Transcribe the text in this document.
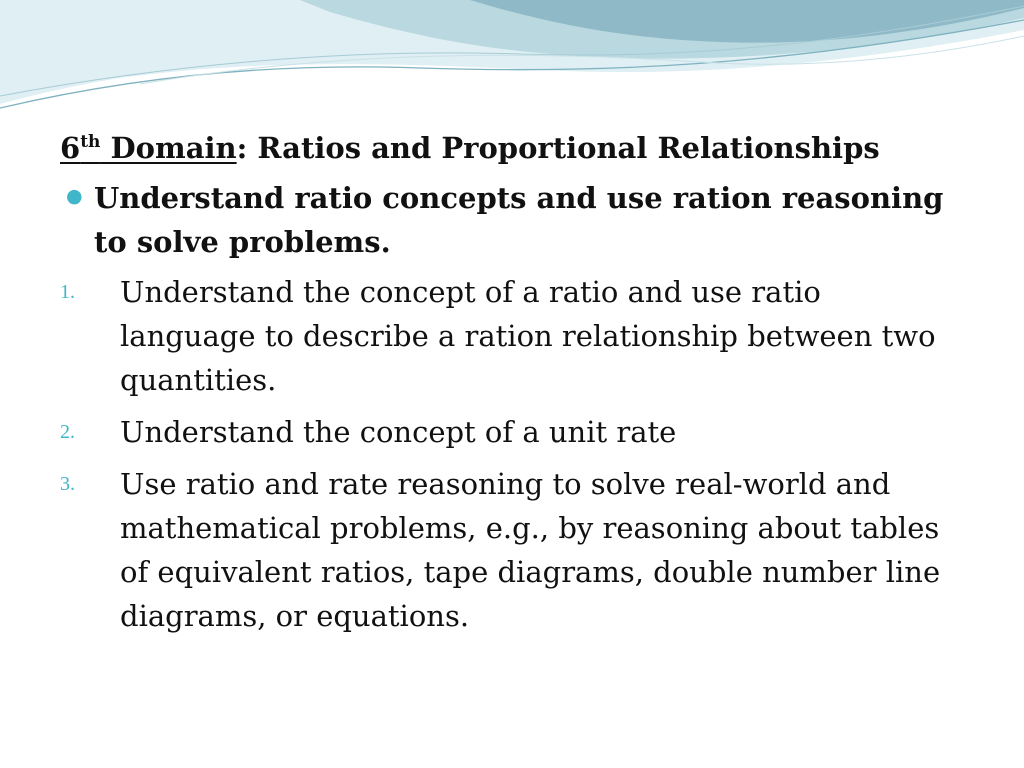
6th Domain: Ratios and Proportional Relationships
● Understand ratio concepts and use ration reasoning to solve problems.
1. Understand the concept of a ratio and use ratio language to describe a ration relationship between two quantities.
2. Understand the concept of a unit rate
3. Use ratio and rate reasoning to solve real-world and mathematical problems, e.g., by reasoning about tables of equivalent ratios, tape diagrams, double number line diagrams, or equations.
